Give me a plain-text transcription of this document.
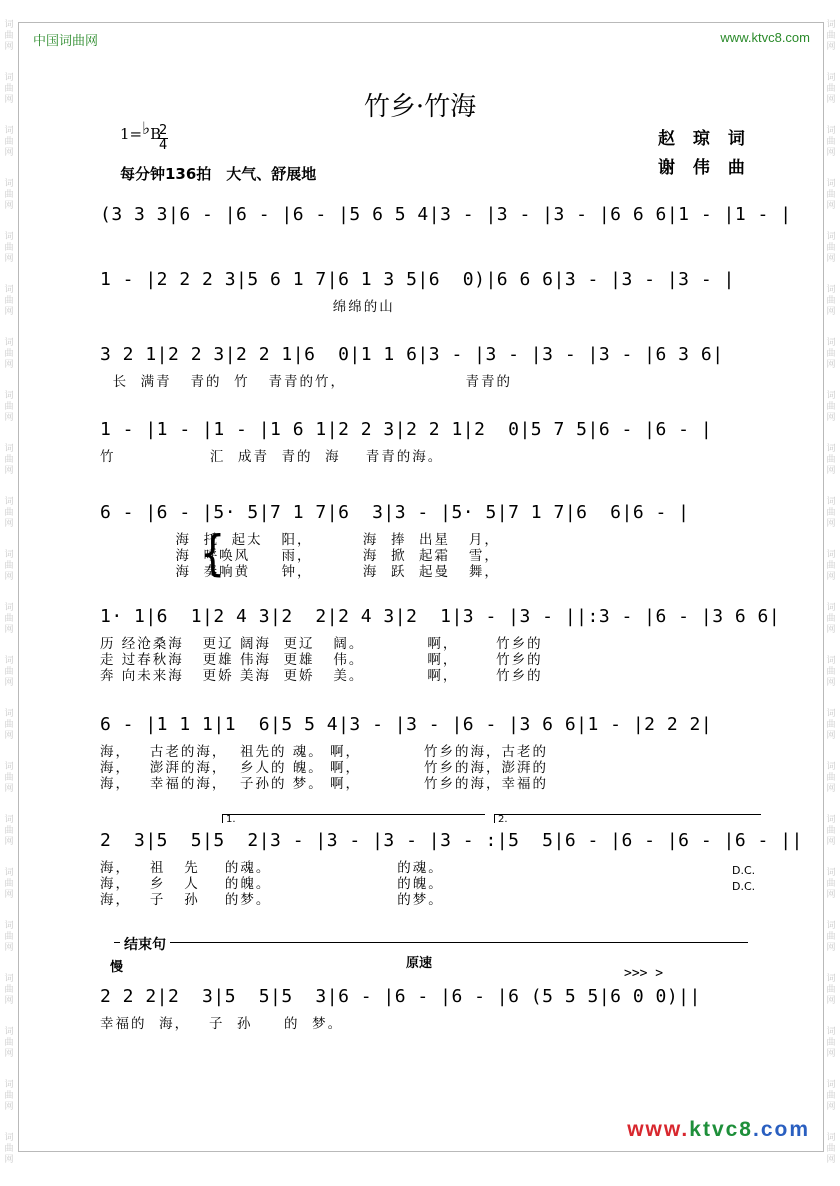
词曲网
词曲网
词曲网
词曲网
词曲网
词曲网
词曲网
词曲网
词曲网
词曲网
词曲网
词曲网
词曲网
词曲网
词曲网
词曲网
词曲网
词曲网
词曲网
词曲网
词曲网
词曲网
词曲网
词曲网
词曲网
词曲网
词曲网
词曲网
词曲网
词曲网
词曲网
词曲网
词曲网
词曲网
词曲网
词曲网
词曲网
词曲网
词曲网
词曲网
词曲网
词曲网
词曲网
词曲网
中国词曲网	www.ktvc8.com
竹乡·竹海
1=♭B
2
4
每分钟136拍　大气、舒展地
赵 琼 词
谢 伟 曲
(3 3 3|6 - |6 - |6 - |5 6 5 4|3 - |3 - |3 - |6 6 6|1 - |1 - |
1 - |2 2 2 3|5 6 1 7|6 1 3 5|6  0)|6 6 6|3 - |3 - |3 - |
绵绵的山
3 2 1|2 2 3|2 2 1|6  0|1 1 6|3 - |3 - |3 - |3 - |6 3 6|
长  满青   青的  竹   青青的竹，                   青青的
1 - |1 - |1 - |1 6 1|2 2 3|2 2 1|2  0|5 7 5|6 - |6 - |
竹               汇  成青  青的  海    青青的海。
6 - |6 - |5· 5|7 1 7|6  3|3 - |5· 5|7 1 7|6  6|6 - |
海  托  起太   阳，        海  捧  出星   月，
海  呼唤风     雨，        海  掀  起霜   雪，
海  奏响黄     钟，        海  跃  起曼   舞，
{
1· 1|6  1|2 4 3|2  2|2 4 3|2  1|3 - |3 - ||:3 - |6 - |3 6 6|
历 经沧桑海   更辽 阔海  更辽   阔。          啊，      竹乡的
走 过春秋海   更雄 伟海  更雄   伟。          啊，      竹乡的
奔 向未来海   更娇 美海  更娇   美。          啊，      竹乡的
6 - |1 1 1|1  6|5 5 4|3 - |3 - |6 - |3 6 6|1 - |2 2 2|
海，   古老的海，  祖先的 魂。 啊，          竹乡的海，古老的
海，   澎湃的海，  乡人的 魄。 啊，          竹乡的海，澎湃的
海，   幸福的海，  子孙的 梦。 啊，          竹乡的海，幸福的
1.	2.
2  3|5  5|5  2|3 - |3 - |3 - |3 - :|5  5|6 - |6 - |6 - |6 - ||
海，   祖   先    的魂。                    的魂。
海，   乡   人    的魄。                    的魄。
海，   子   孙    的梦。                    的梦。
D.C.
D.C.
结束句
慢	原速
>>> >
2 2 2|2  3|5  5|5  3|6 - |6 - |6 - |6 (5 5 5|6 0 0)||
幸福的  海，   子  孙     的  梦。
www.ktvc8.com
